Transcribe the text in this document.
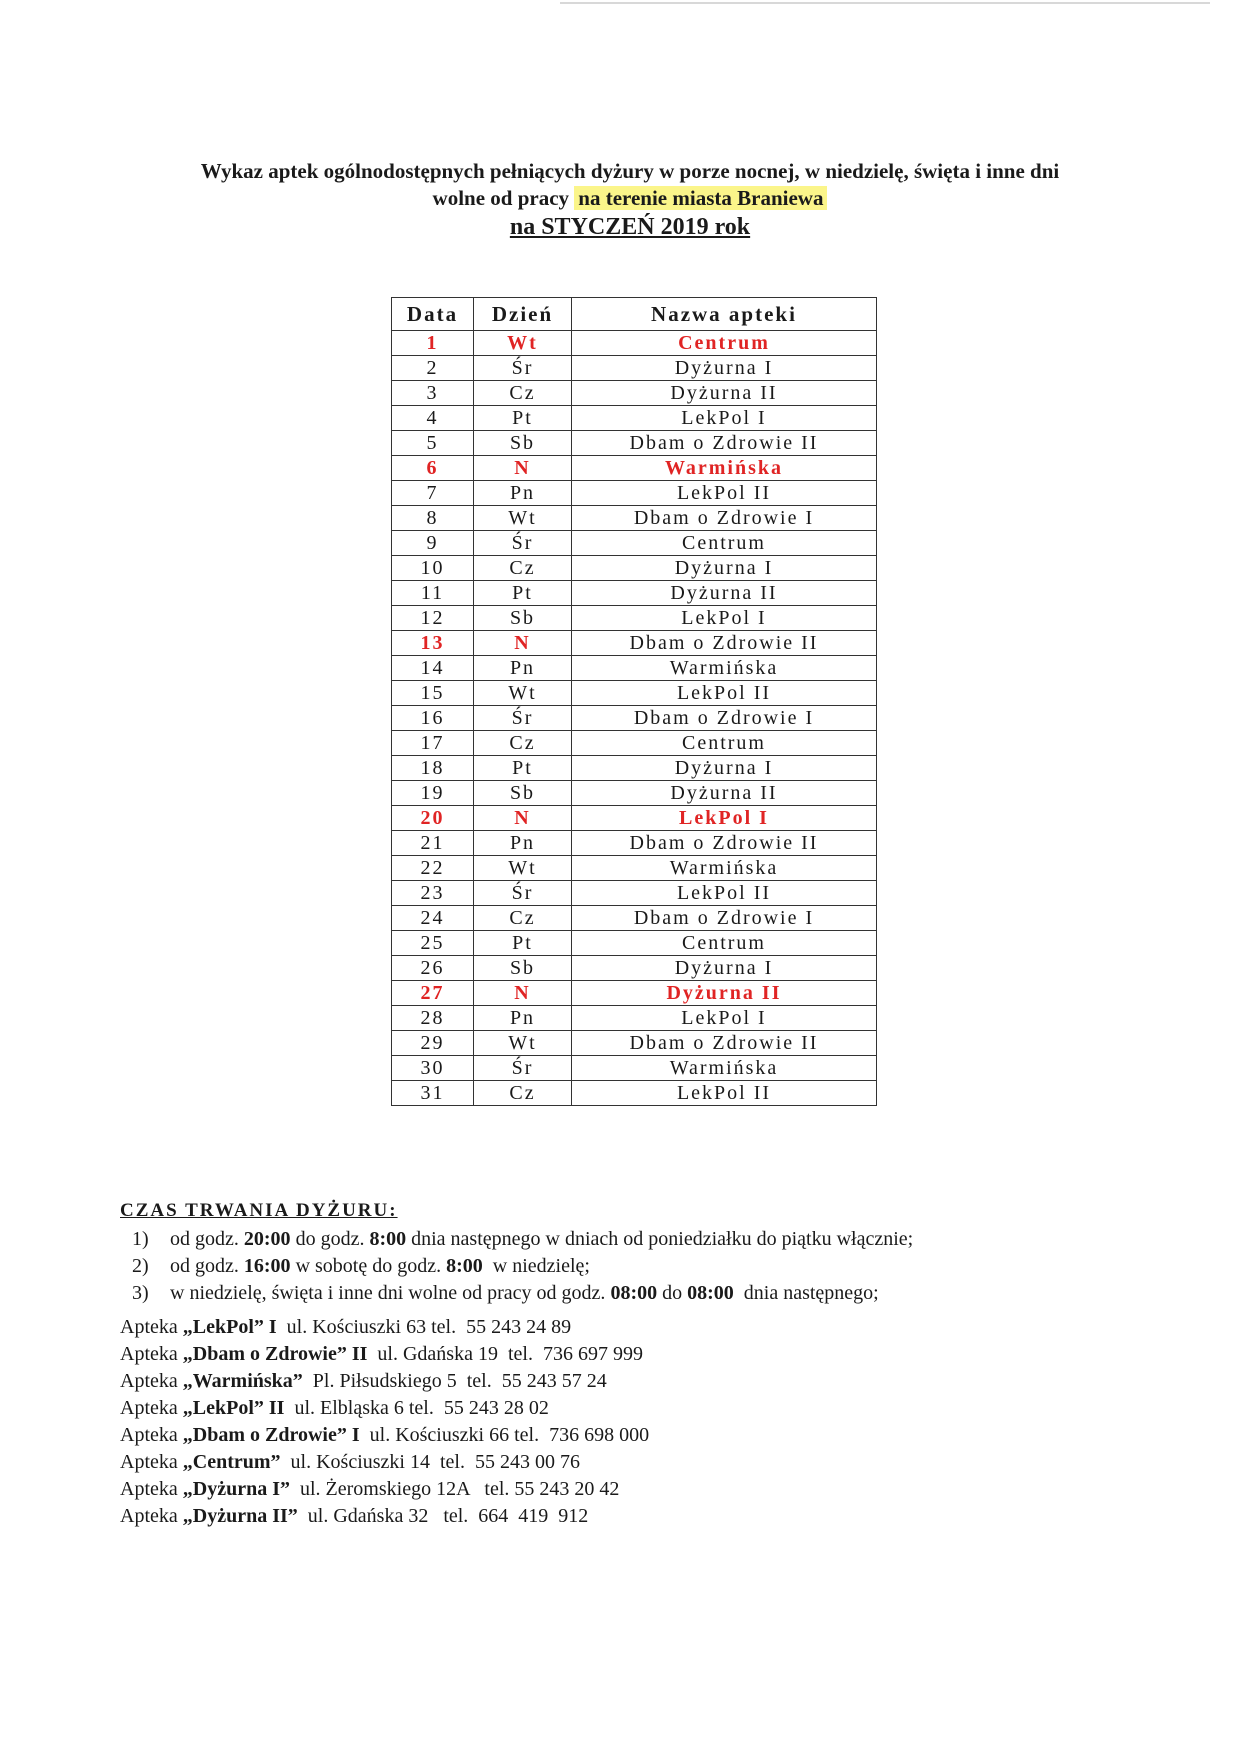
Wykaz aptek ogólnodostępnych pełniących dyżury w porze nocnej, w niedzielę, święta i inne dni
wolne od pracy na terenie miasta Braniewa
na STYCZEŃ 2019 rok
Data	Dzień	Nazwa apteki
1	Wt	Centrum
2	Śr	Dyżurna I
3	Cz	Dyżurna II
4	Pt	LekPol I
5	Sb	Dbam o Zdrowie II
6	N	Warmińska
7	Pn	LekPol II
8	Wt	Dbam o Zdrowie I
9	Śr	Centrum
10	Cz	Dyżurna I
11	Pt	Dyżurna II
12	Sb	LekPol I
13	N	Dbam o Zdrowie II
14	Pn	Warmińska
15	Wt	LekPol II
16	Śr	Dbam o Zdrowie I
17	Cz	Centrum
18	Pt	Dyżurna I
19	Sb	Dyżurna II
20	N	LekPol I
21	Pn	Dbam o Zdrowie II
22	Wt	Warmińska
23	Śr	LekPol II
24	Cz	Dbam o Zdrowie I
25	Pt	Centrum
26	Sb	Dyżurna I
27	N	Dyżurna II
28	Pn	LekPol I
29	Wt	Dbam o Zdrowie II
30	Śr	Warmińska
31	Cz	LekPol II
CZAS TRWANIA DYŻURU:
1) od godz. 20:00 do godz. 8:00 dnia następnego w dniach od poniedziałku do piątku włącznie;
2) od godz. 16:00 w sobotę do godz. 8:00  w niedzielę;
3) w niedzielę, święta i inne dni wolne od pracy od godz. 08:00 do 08:00  dnia następnego;
Apteka „LekPol” I  ul. Kościuszki 63 tel.  55 243 24 89
Apteka „Dbam o Zdrowie” II  ul. Gdańska 19  tel.  736 697 999
Apteka „Warmińska”  Pl. Piłsudskiego 5  tel.  55 243 57 24
Apteka „LekPol” II  ul. Elbląska 6 tel.  55 243 28 02
Apteka „Dbam o Zdrowie” I  ul. Kościuszki 66 tel.  736 698 000
Apteka „Centrum”  ul. Kościuszki 14  tel.  55 243 00 76
Apteka „Dyżurna I”  ul. Żeromskiego 12A   tel. 55 243 20 42
Apteka „Dyżurna II”  ul. Gdańska 32   tel.  664  419  912
